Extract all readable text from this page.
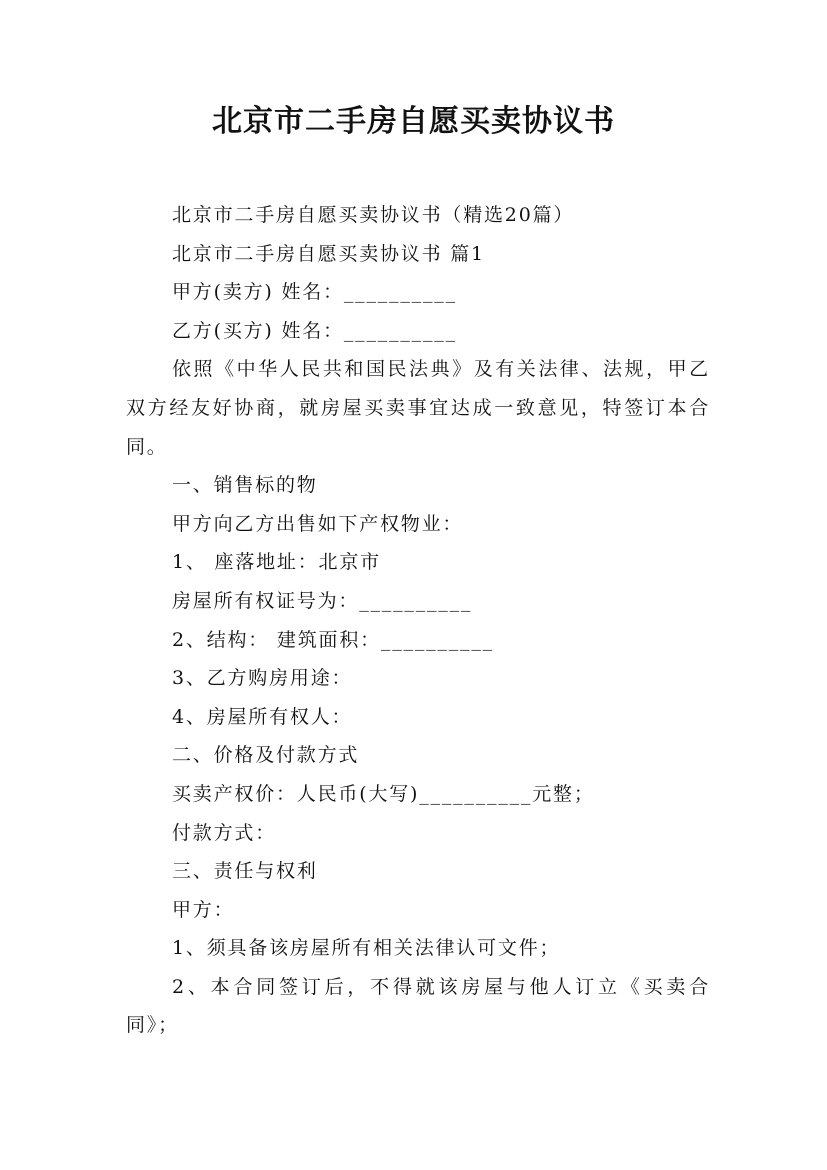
北京市二手房自愿买卖协议书

北京市二手房自愿买卖协议书（精选20篇）

北京市二手房自愿买卖协议书 篇1

甲方(卖方) 姓名：__________

乙方(买方) 姓名：__________

依照《中华人民共和国民法典》及有关法律、法规，甲乙双方经友好协商，就房屋买卖事宜达成一致意见，特签订本合同。

一、销售标的物

甲方向乙方出售如下产权物业：

1、 座落地址：北京市

房屋所有权证号为：__________

2、结构： 建筑面积：__________

3、乙方购房用途：

4、房屋所有权人：

二、价格及付款方式

买卖产权价：人民币(大写)__________元整；

付款方式：

三、责任与权利

甲方：

1、须具备该房屋所有相关法律认可文件；

2、本合同签订后，不得就该房屋与他人订立《买卖合同》；
